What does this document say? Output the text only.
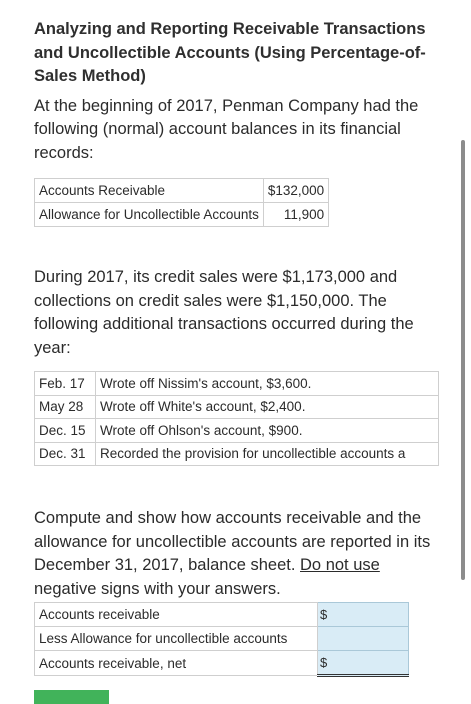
Analyzing and Reporting Receivable Transactions and Uncollectible Accounts (Using Percentage-of-Sales Method)

At the beginning of 2017, Penman Company had the following (normal) account balances in its financial records:

Accounts Receivable	$132,000
Allowance for Uncollectible Accounts	11,900

During 2017, its credit sales were $1,173,000 and collections on credit sales were $1,150,000. The following additional transactions occurred during the year:

Feb. 17	Wrote off Nissim's account, $3,600.
May 28	Wrote off White's account, $2,400.
Dec. 15	Wrote off Ohlson's account, $900.
Dec. 31	Recorded the provision for uncollectible accounts a

Compute and show how accounts receivable and the allowance for uncollectible accounts are reported in its December 31, 2017, balance sheet. Do not use negative signs with your answers.

Accounts receivable	$
Less Allowance for uncollectible accounts	
Accounts receivable, net	$
